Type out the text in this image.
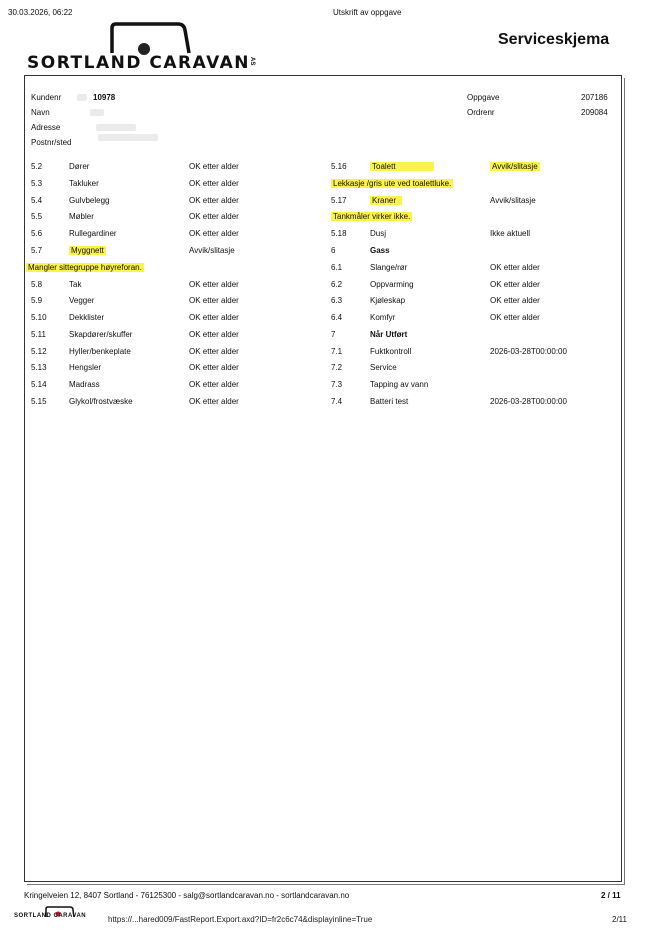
30.03.2026, 06:22	Utskrift av oppgave
SORTLAND CARAVAN AS
Serviceskjema
Kundenr	10978
Navn
Adresse
Postnr/sted
Oppgave	207186
Ordrenr	209084
5.2	Dører	OK etter alder
5.3	Takluker	OK etter alder
5.4	Gulvbelegg	OK etter alder
5.5	Møbler	OK etter alder
5.6	Rullegardiner	OK etter alder
5.7	Myggnett	Avvik/slitasje
Mangler sittegruppe høyreforan.
5.8	Tak	OK etter alder
5.9	Vegger	OK etter alder
5.10	Dekklister	OK etter alder
5.11	Skapdører/skuffer	OK etter alder
5.12	Hyller/benkeplate	OK etter alder
5.13	Hengsler	OK etter alder
5.14	Madrass	OK etter alder
5.15	Glykol/frostvæske	OK etter alder
5.16	Toalett	Avvik/slitasje
Lekkasje /gris ute ved toalettluke.
5.17	Kraner	Avvik/slitasje
Tankmåler virker ikke.
5.18	Dusj	Ikke aktuell
6	Gass
6.1	Slange/rør	OK etter alder
6.2	Oppvarming	OK etter alder
6.3	Kjøleskap	OK etter alder
6.4	Komfyr	OK etter alder
7	Når Utført
7.1	Fuktkontroll	2026-03-28T00:00:00
7.2	Service
7.3	Tapping av vann
7.4	Batteri test	2026-03-28T00:00:00
Kringelveien 12, 8407 Sortland - 76125300 - salg@sortlandcaravan.no - sortlandcaravan.no	2 / 11
SORTLAND CARAVAN	https://...hared009/FastReport.Export.axd?ID=fr2c6c74&displayinline=True	2/11
